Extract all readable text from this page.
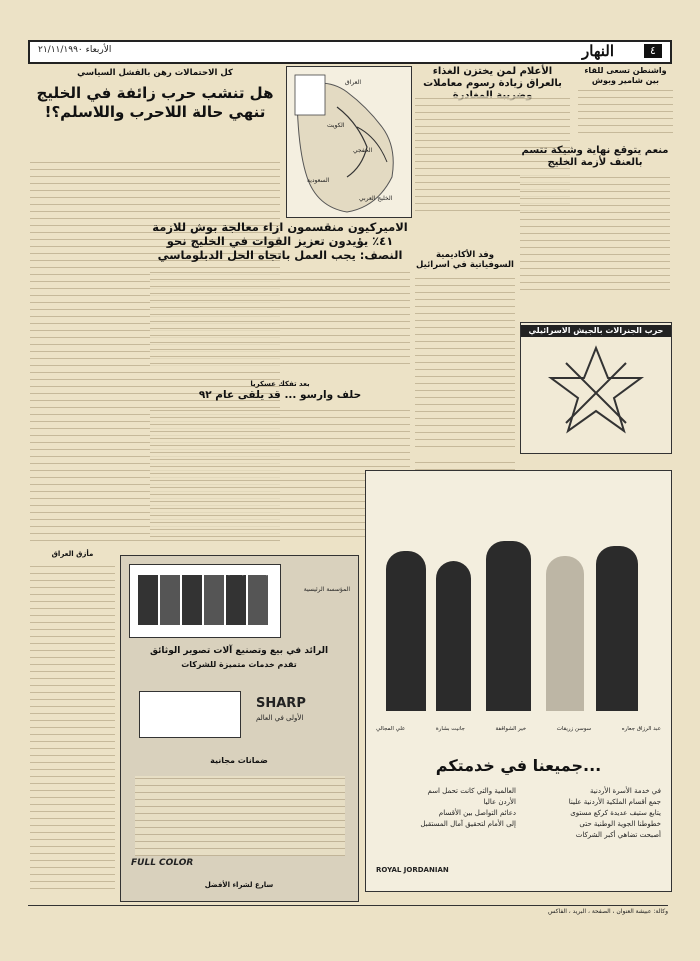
٤
النهار
الأربعاء ٢١/١١/١٩٩٠
واشنطن تسعى للقاء بين شامير وبوش
الأعلام لمن يختزن الغذاء بالعراق زيادة رسوم معاملات
منعم يتوقع نهاية وشيكة تتسم بالعنف لأزمة الخليج
وفد الأكاديمية السوفياتية في اسرائيل
كل الاحتمالات رهن بالفشل السياسي
هل تنشب حرب زائفة في الخليج تنهي حالة اللاحرب واللاسلم؟!
العراق
الكويت
الخفجي
السعودية
الخليج العربي
الاميركيون منقسمون ازاء معالجة بوش للازمة ٤١٪ يؤيدون تعزيز القوات في الخليج نحو النصف: يجب العمل باتجاه الحل الدبلوماسي
بعد تفكك عسكريا
حلف وارسو ... قد يلقى عام ٩٢
حرب الجنرالات بالجيش الاسرائيلي
مأزق العراق
شركة سوداني التجارية
المؤسسة الرئيسية
الرائد في بيع وتصنيع آلات تصوير الوثائق
تقدم خدمات متميزة للشركات
SHARP
الأولى في العالم
ضمانات مجانية
FULL COLOR
سارع لشراء الأفضل
عبد الرزاق جعاره
سوسن زريقات
خير الشواقفة
جانيت بشارة
علي المجالي
...جميعنا في خدمتكم
في خدمة الأسرة الأردنية
جمع أقسام الملكية الأردنية علينا
يتابع ستيف عديدة كركع مستوى
خطوطنا الجوية الوطنية حتى
أصبحت تضاهي أكبر الشركات
العالمية والتي كانت تحمل اسم
الأردن عاليا
دعائم التواصل بين الأقسام
إلى الأمام لتحقيق آمال المستقبل
ROYAL JORDANIAN
وكالة: عبيشة العنوان ، الصفحة ، البريد ، الفاكس
